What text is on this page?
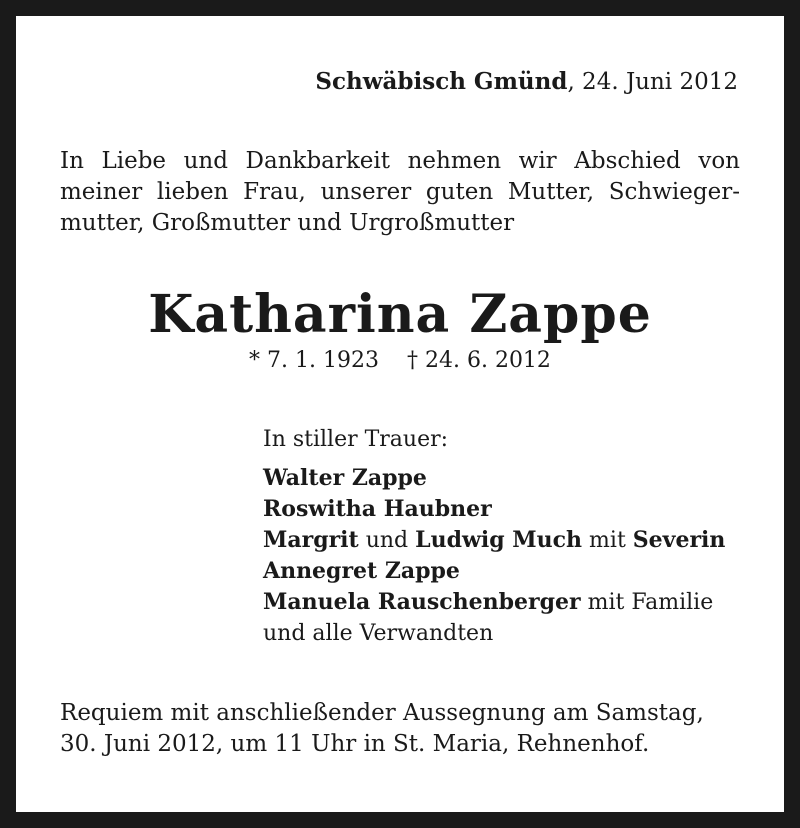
Schwäbisch Gmünd, 24. Juni 2012
In Liebe und Dankbarkeit nehmen wir Abschied von
meiner lieben Frau, unserer guten Mutter, Schwieger-
mutter, Großmutter und Urgroßmutter
Katharina Zappe
* 7. 1. 1923 † 24. 6. 2012
In stiller Trauer:
Walter Zappe
Roswitha Haubner
Margrit und Ludwig Much mit Severin
Annegret Zappe
Manuela Rauschenberger mit Familie
und alle Verwandten
Requiem mit anschließender Aussegnung am Samstag,
30. Juni 2012, um 11 Uhr in St. Maria, Rehnenhof.
